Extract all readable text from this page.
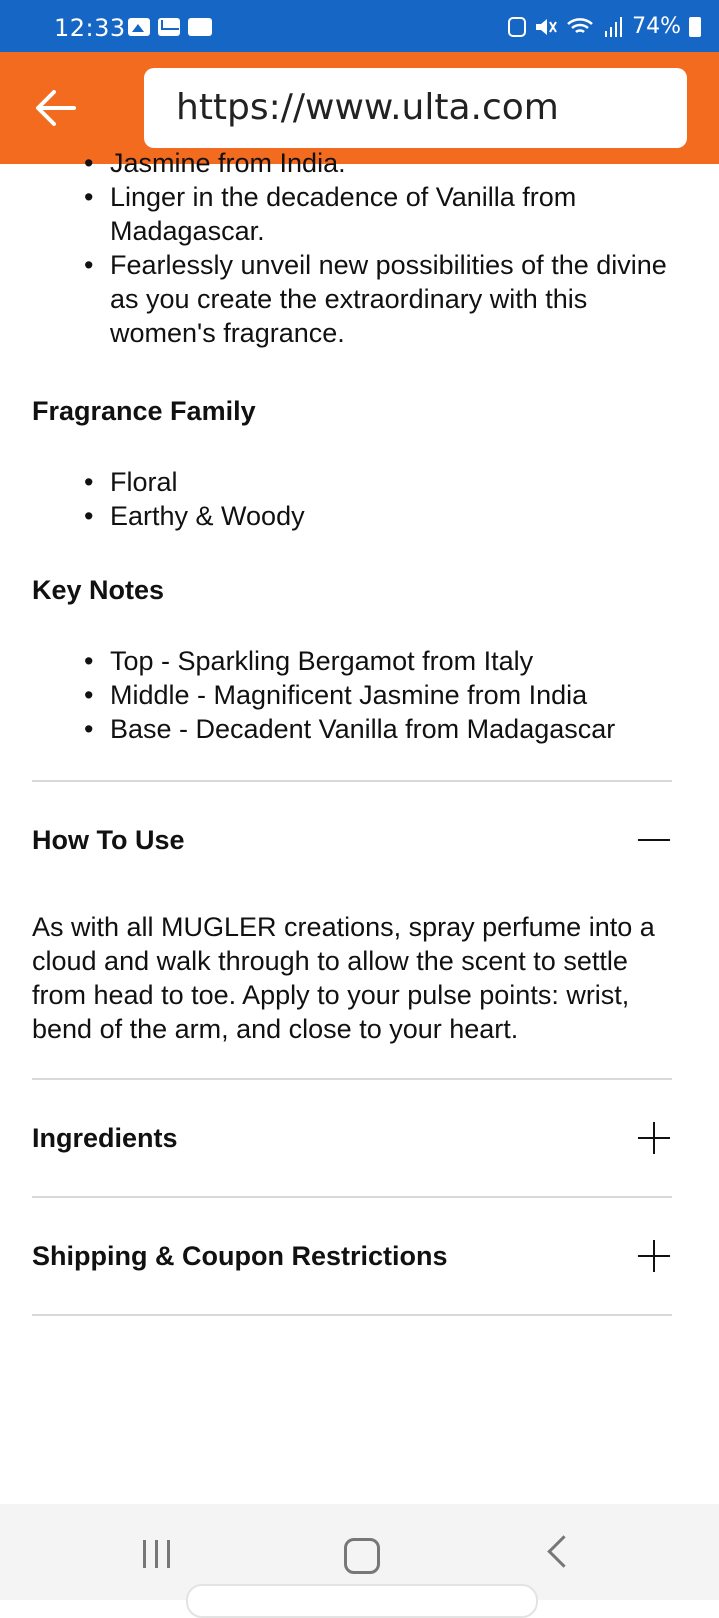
12:33	74%
https://www.ulta.com
• Jasmine from India.
• Linger in the decadence of Vanilla from Madagascar.
• Fearlessly unveil new possibilities of the divine as you create the extraordinary with this women's fragrance.
Fragrance Family
• Floral
• Earthy & Woody
Key Notes
• Top - Sparkling Bergamot from Italy
• Middle - Magnificent Jasmine from India
• Base - Decadent Vanilla from Madagascar
How To Use

As with all MUGLER creations, spray perfume into a cloud and walk through to allow the scent to settle from head to toe. Apply to your pulse points: wrist, bend of the arm, and close to your heart.

Ingredients
Shipping & Coupon Restrictions
